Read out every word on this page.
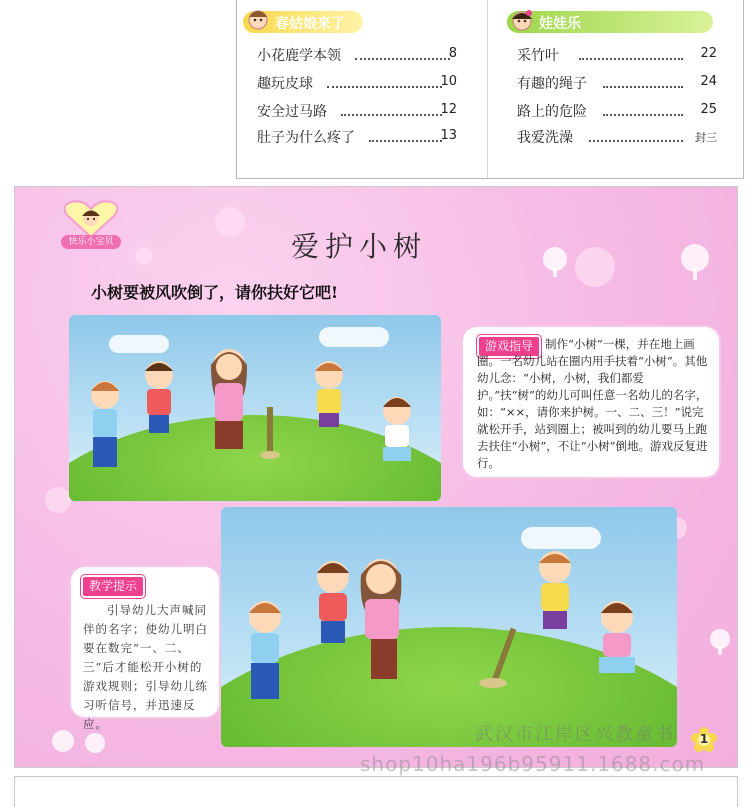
春姑娘来了
小花鹿学本领	8
趣玩皮球	10
安全过马路	12
肚子为什么疼了	13
娃娃乐
采竹叶	22
有趣的绳子	24
路上的危险	25
我爱洗澡	封三
快乐小宝贝	爱护小树
小树要被风吹倒了，请你扶好它吧!
游戏指导	制作“小树”一棵，并在地上画圈。一名幼儿站在圈内用手扶着“小树”。其他幼儿念：“小树，小树，我们都爱护。”扶“树”的幼儿可叫任意一名幼儿的名字，如：“××，请你来护树。一、二、三！”说完就松开手，站到圈上；被叫到的幼儿要马上跑去扶住“小树”，不让“小树”倒地。游戏反复进行。
教学提示
引导幼儿大声喊同伴的名字；使幼儿明白要在数完“一、二、三”后才能松开小树的游戏规则；引导幼儿练习听信号，并迅速反应。
1
武汉市江岸区兴教童书
shop10ha196b95911.1688.com
